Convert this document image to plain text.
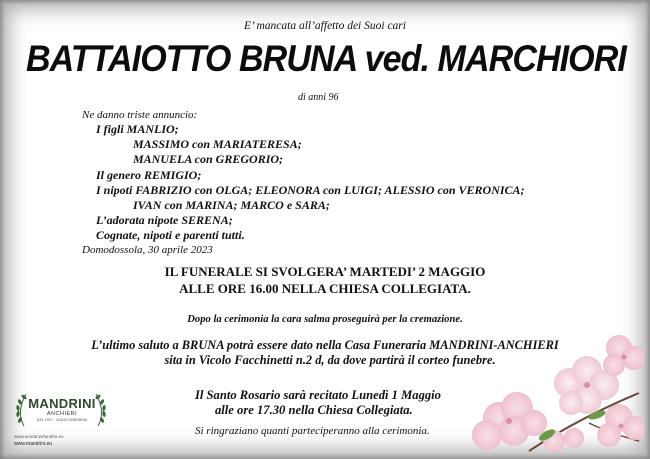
E’ mancata all’affetto dei Suoi cari
BATTAIOTTO BRUNA ved. MARCHIORI
di anni 96
Ne danno triste annuncio:
I figli MANLIO;
MASSIMO con MARIATERESA;
MANUELA con GREGORIO;
Il genero REMIGIO;
I nipoti FABRIZIO con OLGA; ELEONORA con LUIGI; ALESSIO con VERONICA;
IVAN con MARINA; MARCO e SARA;
L’adorata nipote SERENA;
Cognate, nipoti e parenti tutti.
Domodossola, 30 aprile 2023
IL FUNERALE SI SVOLGERA’ MARTEDI’ 2 MAGGIO
ALLE ORE 16.00 NELLA CHIESA COLLEGIATA.
Dopo la cerimonia la cara salma proseguirà per la cremazione.
L’ultimo saluto a BRUNA potrà essere dato nella Casa Funeraria MANDRINI-ANCHIERI
sita in Vicolo Facchinetti n.2 d, da dove partirà il corteo funebre.
Il Santo Rosario sarà recitato Lunedì 1 Maggio
alle ore 17.30 nella Chiesa Collegiata.
Si ringraziano quanti parteciperanno alla cerimonia.
MANDRINI
ANCHIERI
DAL 1907 · CASA FUNERARIA
www.onoranzefunebri.eu
www.mandrini.eu
